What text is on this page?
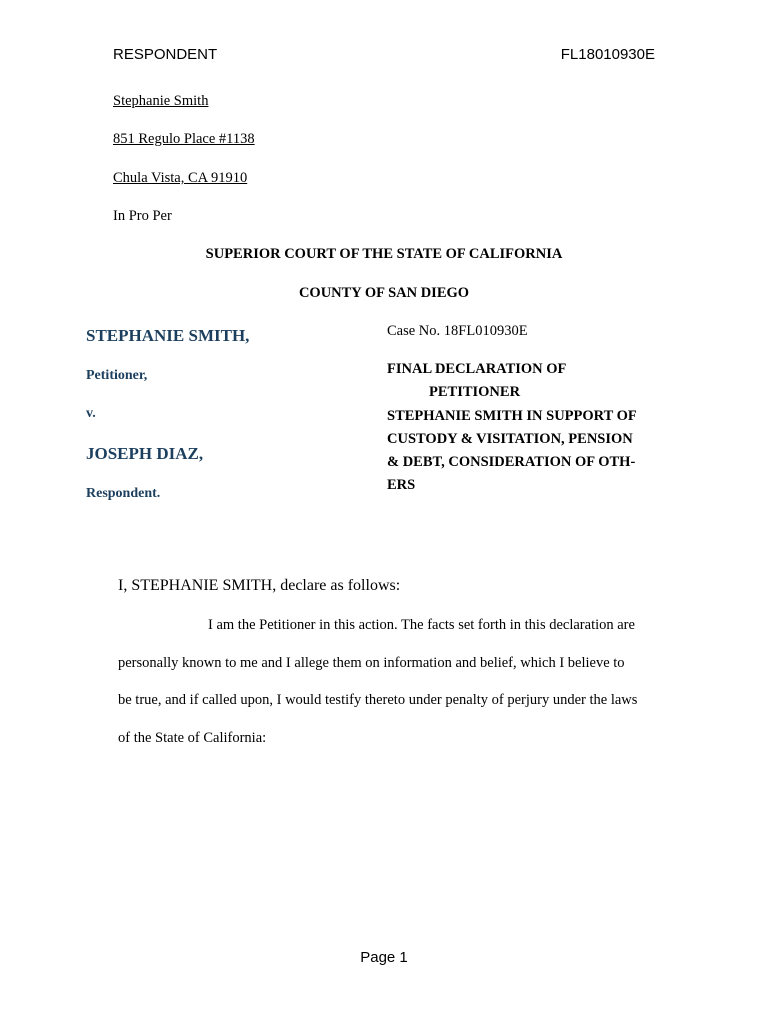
RESPONDENT	FL18010930E
Stephanie Smith
851 Regulo Place #1138
Chula Vista, CA 91910
In Pro Per
SUPERIOR COURT OF THE STATE OF CALIFORNIA
COUNTY OF SAN DIEGO
STEPHANIE SMITH,
Petitioner,
v.
JOSEPH DIAZ,
Respondent.
Case No. 18FL010930E
FINAL DECLARATION OF
PETITIONER
STEPHANIE SMITH IN SUPPORT OF
CUSTODY & VISITATION, PENSION
& DEBT, CONSIDERATION OF OTH-
ERS
I, STEPHANIE SMITH, declare as follows:
I am the Petitioner in this action. The facts set forth in this declaration are
personally known to me and I allege them on information and belief, which I believe to
be true, and if called upon, I would testify thereto under penalty of perjury under the laws
of the State of California:
Page 1
